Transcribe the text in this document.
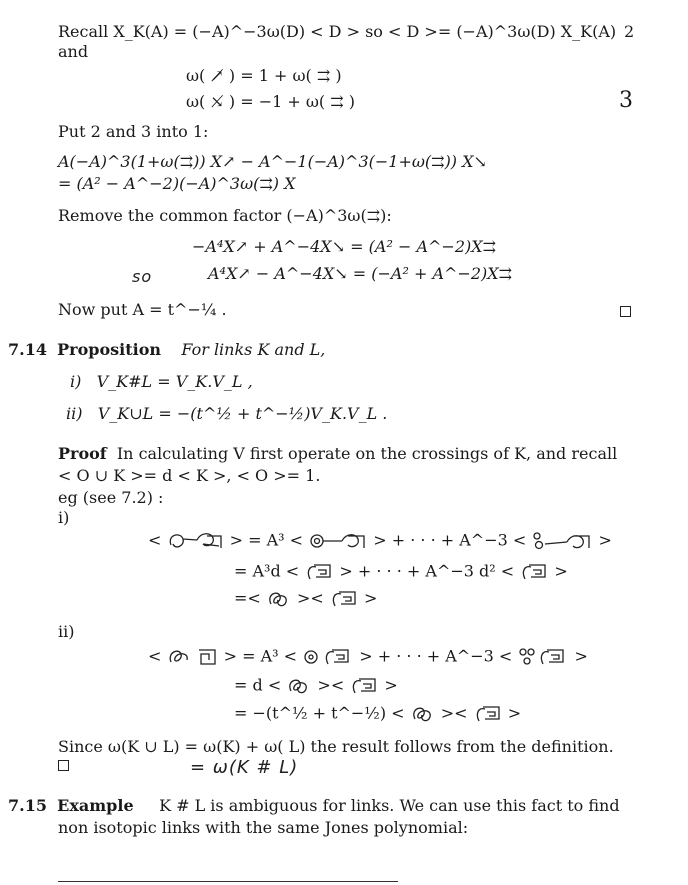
Recall X_K(A) = (−A)^−3ω(D) < D > so < D >= (−A)^3ω(D) X_K(A) 2
and
ω( ↗̸ ) = 1 + ω( ⇉ )
ω( ↘̸ ) = −1 + ω( ⇉ )	3
Put 2 and 3 into 1:
A(−A)^3(1+ω(⇉)) X↗ − A^−1(−A)^3(−1+ω(⇉)) X↘
= (A² − A^−2)(−A)^3ω(⇉) X
Remove the common factor (−A)^3ω(⇉):
−A⁴X↗ + A^−4X↘ = (A² − A^−2)X⇉
so	A⁴X↗ − A^−4X↘ = (−A² + A^−2)X⇉
Now put A = t^−¼ .
7.14 Proposition For links K and L,
i) V_K#L = V_K.V_L ,
ii) V_K∪L = −(t^½ + t^−½)V_K.V_L .
Proof In calculating V first operate on the crossings of K, and recall
< O ∪ K >= d < K >, < O >= 1.
eg (see 7.2) :
i)
<	> = A³ <	> + · · · + A^−3 <	>
= A³d <	> + · · · + A^−3 d² <	>
=< ><	>
ii)
<	> = A³ <	> + · · · + A^−3 <	>
= d < ><	>
= −(t^½ + t^−½) < ><	>
Since ω(K ∪ L) = ω(K) + ω( L) the result follows from the definition.
= ω(K # L)
7.15 Example K # L is ambiguous for links. We can use this fact to find
non isotopic links with the same Jones polynomial:
